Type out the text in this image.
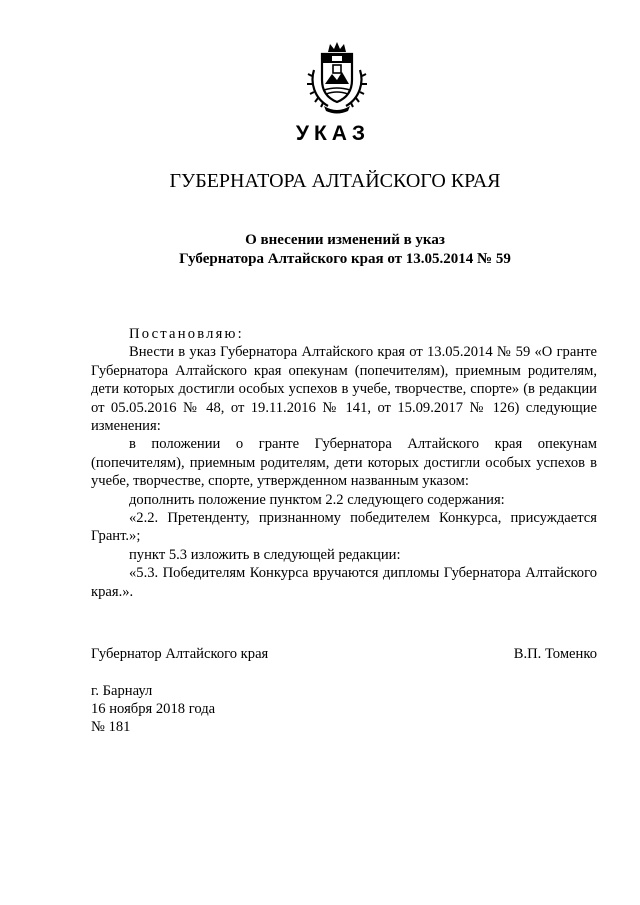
УКАЗ
ГУБЕРНАТОРА АЛТАЙСКОГО КРАЯ
О внесении изменений в указ
Губернатора Алтайского края от 13.05.2014 № 59

Постановляю:

Внести в указ Губернатора Алтайского края от 13.05.2014 № 59 «О гранте Губернатора Алтайского края опекунам (попечителям), приемным родителям, дети которых достигли особых успехов в учебе, творчестве, спорте» (в редакции от 05.05.2016 № 48, от 19.11.2016 № 141, от 15.09.2017 № 126) следующие изменения:

в положении о гранте Губернатора Алтайского края опекунам (попечителям), приемным родителям, дети которых достигли особых успехов в учебе, творчестве, спорте, утвержденном названным указом:

дополнить положение пунктом 2.2 следующего содержания:

«2.2. Претенденту, признанному победителем Конкурса, присуждается Грант.»;

пункт 5.3 изложить в следующей редакции:

«5.3. Победителям Конкурса вручаются дипломы Губернатора Алтайского края.».

Губернатор Алтайского края	В.П. Томенко
г. Барнаул
16 ноября 2018 года
№ 181
